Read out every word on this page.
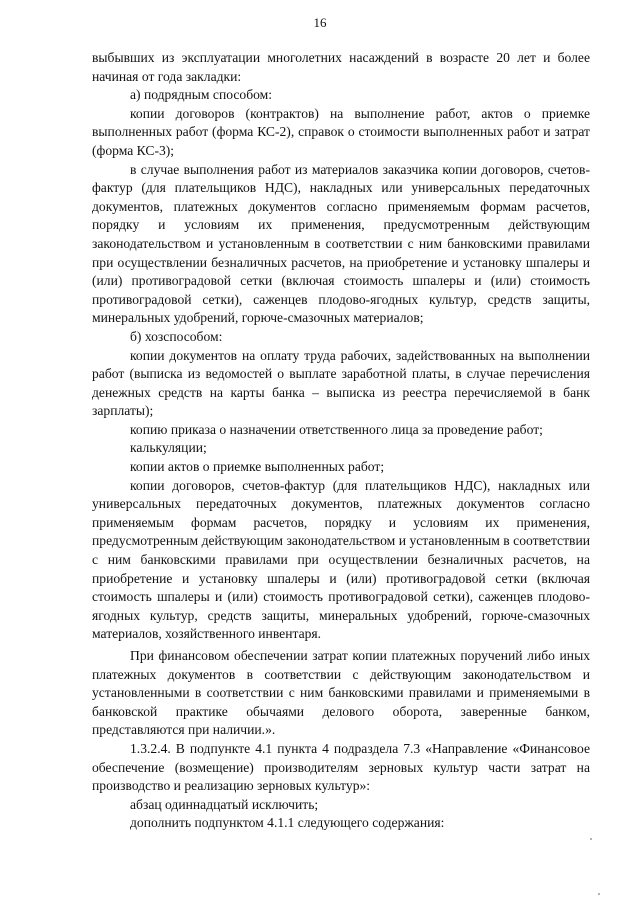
16

выбывших из эксплуатации многолетних насаждений в возрасте 20 лет и более начиная от года закладки:

а) подрядным способом:

копии договоров (контрактов) на выполнение работ, актов о приемке выполненных работ (форма КС-2), справок о стоимости выполненных работ и затрат (форма КС-3);

в случае выполнения работ из материалов заказчика копии договоров, счетов-фактур (для плательщиков НДС), накладных или универсальных передаточных документов, платежных документов согласно применяемым формам расчетов, порядку и условиям их применения, предусмотренным действующим законодательством и установленным в соответствии с ним банковскими правилами при осуществлении безналичных расчетов, на приобретение и установку шпалеры и (или) противоградовой сетки (включая стоимость шпалеры и (или) стоимость противоградовой сетки), саженцев плодово-ягодных культур, средств защиты, минеральных удобрений, горюче-смазочных материалов;

б) хозспособом:

копии документов на оплату труда рабочих, задействованных на выполнении работ (выписка из ведомостей о выплате заработной платы, в случае перечисления денежных средств на карты банка – выписка из реестра перечисляемой в банк зарплаты);

копию приказа о назначении ответственного лица за проведение работ;

калькуляции;

копии актов о приемке выполненных работ;

копии договоров, счетов-фактур (для плательщиков НДС), накладных или универсальных передаточных документов, платежных документов согласно применяемым формам расчетов, порядку и условиям их применения, предусмотренным действующим законодательством и установленным в соответствии с ним банковскими правилами при осуществлении безналичных расчетов, на приобретение и установку шпалеры и (или) противоградовой сетки (включая стоимость шпалеры и (или) стоимость противоградовой сетки), саженцев плодово-ягодных культур, средств защиты, минеральных удобрений, горюче-смазочных материалов, хозяйственного инвентаря.

При финансовом обеспечении затрат копии платежных поручений либо иных платежных документов в соответствии с действующим законодательством и установленными в соответствии с ним банковскими правилами и применяемыми в банковской практике обычаями делового оборота, заверенные банком, представляются при наличии.».

1.3.2.4. В подпункте 4.1 пункта 4 подраздела 7.3 «Направление «Финансовое обеспечение (возмещение) производителям зерновых культур части затрат на производство и реализацию зерновых культур»:

абзац одиннадцатый исключить;

дополнить подпунктом 4.1.1 следующего содержания:
